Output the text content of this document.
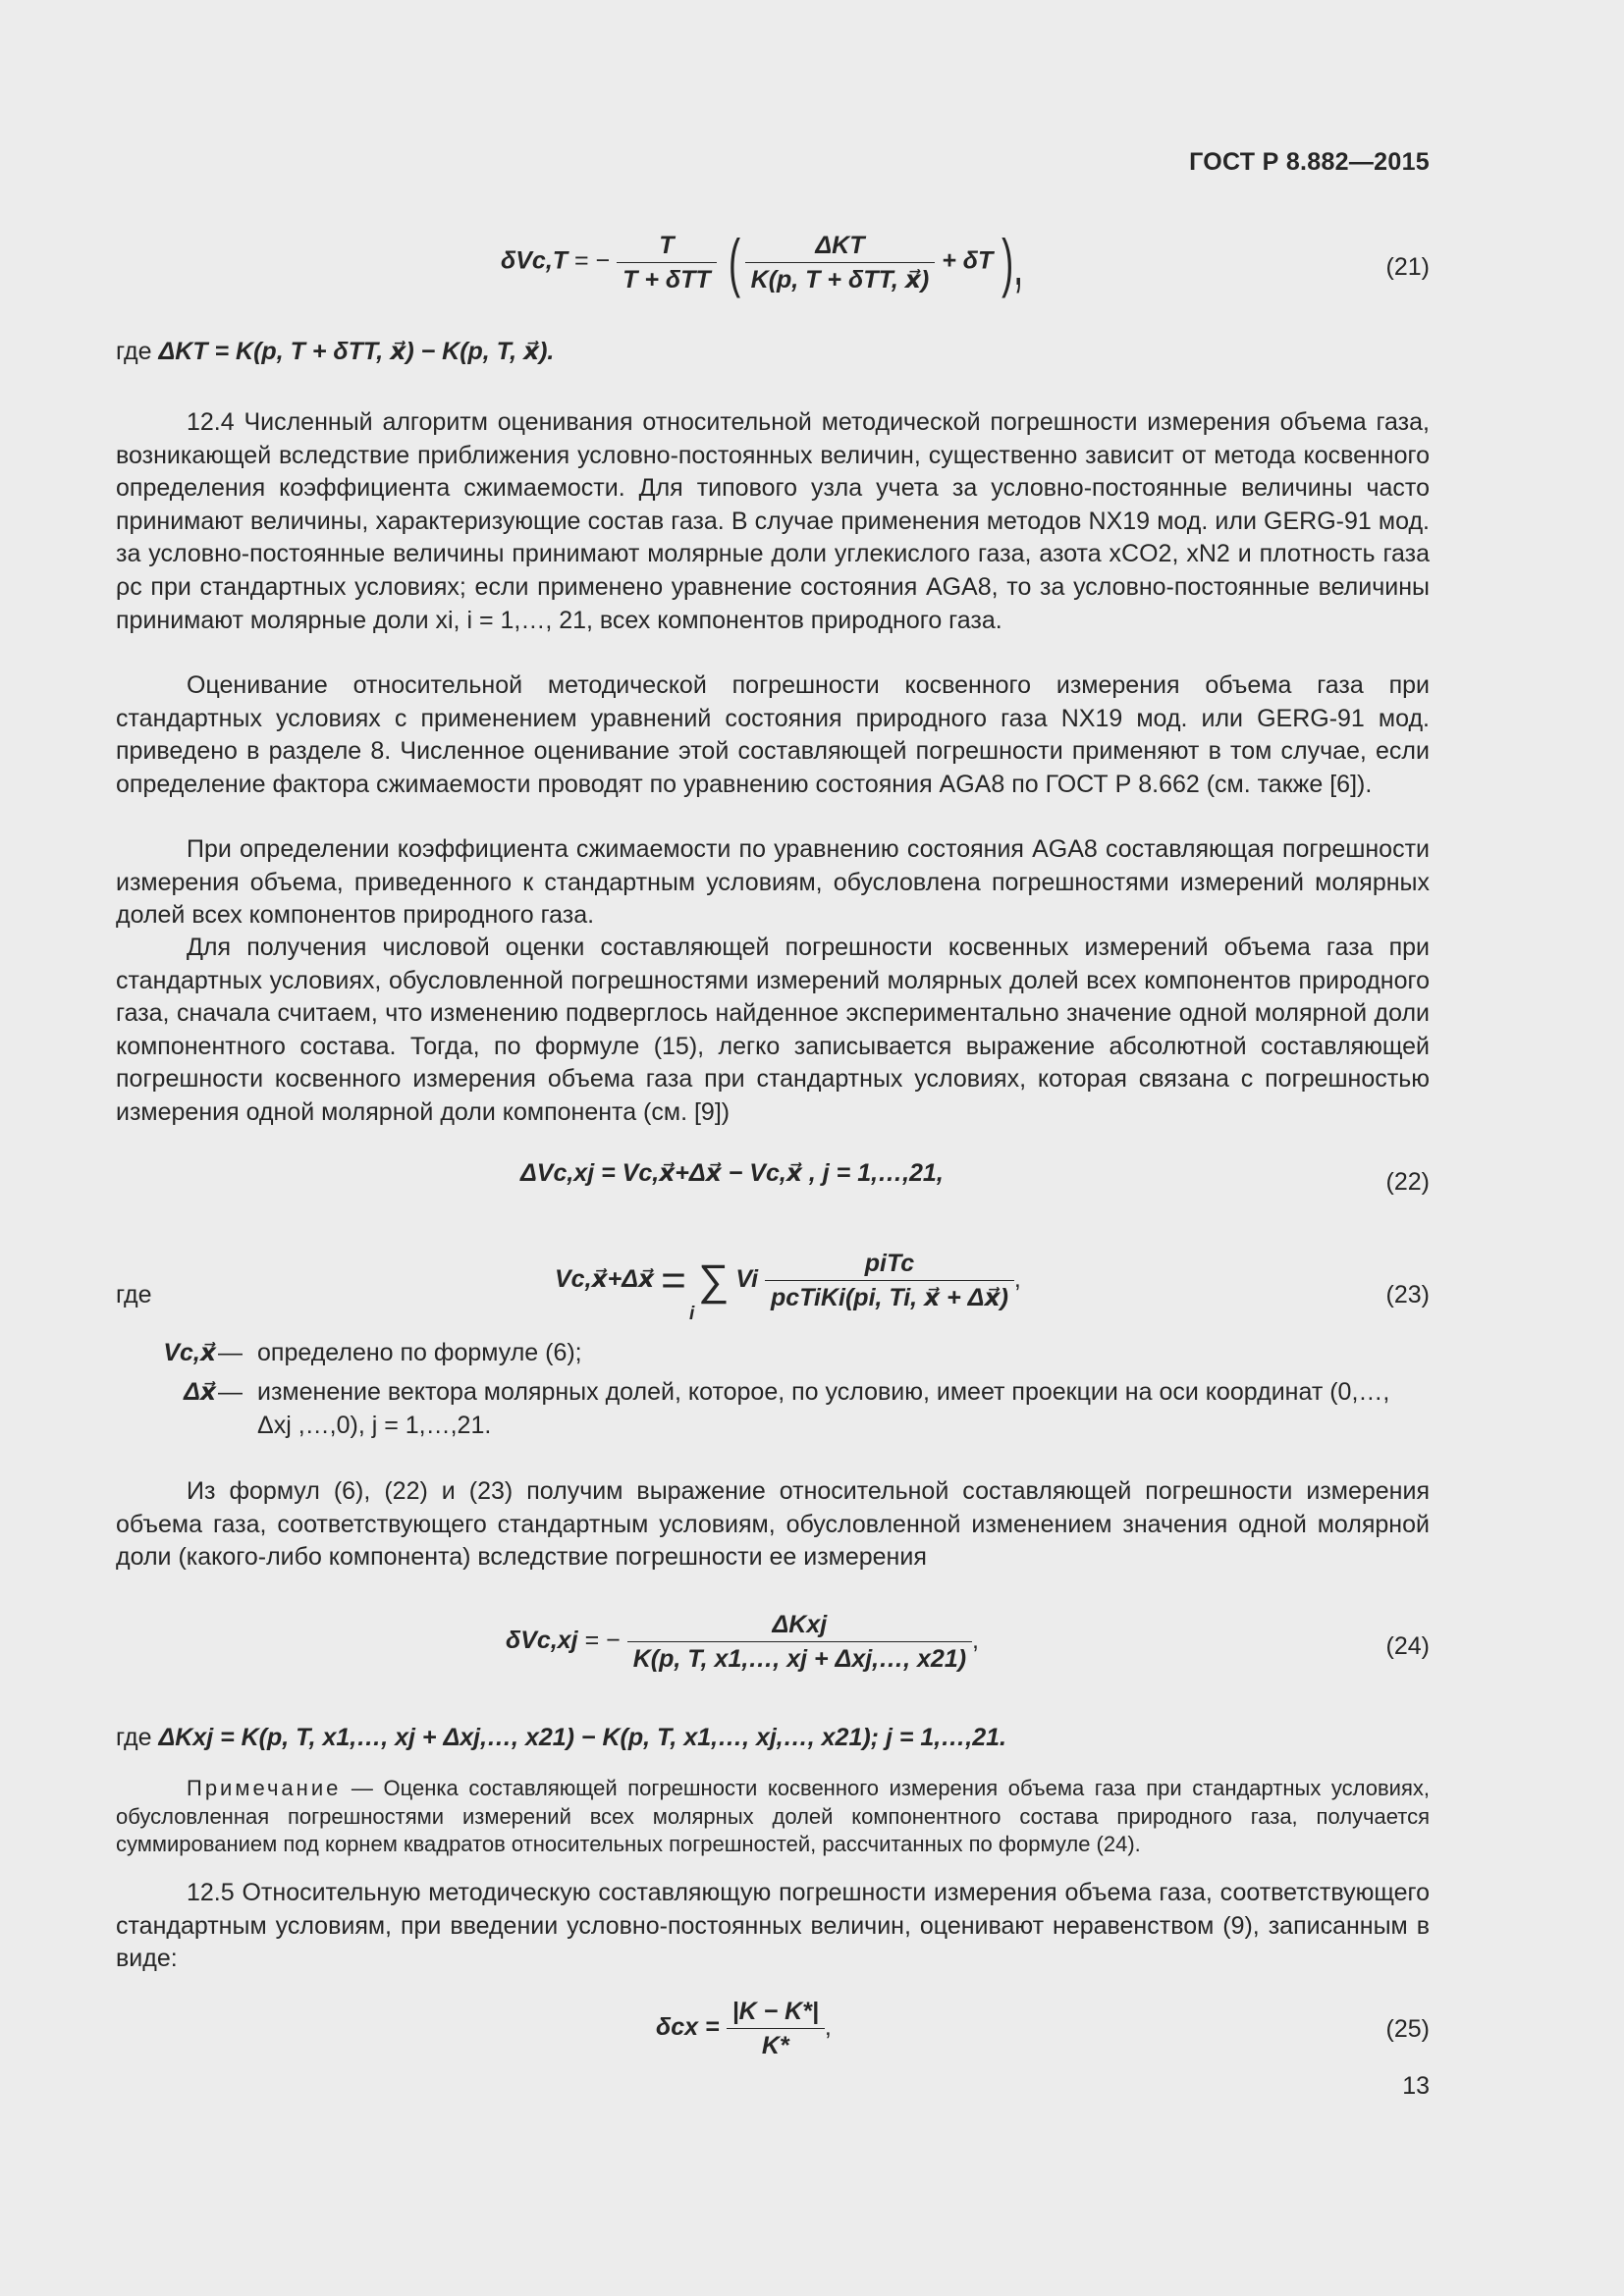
ГОСТ Р 8.882—2015
δVc,T = − $\frac{T}{\text{T + δTT}}$ ( $\frac{\text{ΔKT}}{\text{K(p, T + δTT, x⃗)}} + \delta T$ ),	(21)
где ΔKT = K(p, T + δTT, x⃗) − K(p, T, x⃗).
12.4 Численный алгоритм оценивания относительной методической погрешности измерения объема газа, возникающей вследствие приближения условно-постоянных величин, существенно зависит от метода косвенного определения коэффициента сжимаемости. Для типового узла учета за условно-постоянные величины часто принимают величины, характеризующие состав газа. В случае применения методов NX19 мод. или GERG-91 мод. за условно-постоянные величины принимают молярные доли углекислого газа, азота xCO2, xN2 и плотность газа ρc при стандартных условиях; если применено уравнение состояния AGA8, то за условно-постоянные величины принимают молярные доли xi, i = 1,…, 21, всех компонентов природного газа.
Оценивание относительной методической погрешности косвенного измерения объема газа при стандартных условиях с применением уравнений состояния природного газа NX19 мод. или GERG-91 мод. приведено в разделе 8. Численное оценивание этой составляющей погрешности применяют в том случае, если определение фактора сжимаемости проводят по уравнению состояния AGA8 по ГОСТ Р 8.662 (см. также [6]).
При определении коэффициента сжимаемости по уравнению состояния AGA8 составляющая погрешности измерения объема, приведенного к стандартным условиям, обусловлена погрешностями измерений молярных долей всех компонентов природного газа.
Для получения числовой оценки составляющей погрешности косвенных измерений объема газа при стандартных условиях, обусловленной погрешностями измерений молярных долей всех компонентов природного газа, сначала считаем, что изменению подверглось найденное экспериментально значение одной молярной доли компонентного состава. Тогда, по формуле (15), легко записывается выражение абсолютной составляющей погрешности косвенного измерения объема газа при стандартных условиях, которая связана с погрешностью измерения одной молярной доли компонента (см. [9])
ΔVc,xj = Vc,x⃗+Δx⃗ − Vc,x⃗ , j = 1,…,21,	(22)
где
Vc,x⃗+Δx⃗ = ∑ Vi $\frac{\text{piTc}}{\text{pcTiKi(pi, Ti, x⃗ + Δx⃗)}}$ ,
i
(23)
Vc,x⃗ — определено по формуле (6);
Δx⃗ — изменение вектора молярных долей, которое, по условию, имеет проекции на оси координат (0,…, Δxj ,…,0), j = 1,…,21.
Из формул (6), (22) и (23) получим выражение относительной составляющей погрешности измерения объема газа, соответствующего стандартным условиям, обусловленной изменением значения одной молярной доли (какого-либо компонента) вследствие погрешности ее измерения
δVc,xj = − $\frac{\text{ΔKxj}}{\text{K(p, T, x1,…, xj + Δxj,…, x21)}}$ ,	(24)
где ΔKxj = K(p, T, x1,…, xj + Δxj,…, x21) − K(p, T, x1,…, xj,…, x21); j = 1,…,21.
Примечание — Оценка составляющей погрешности косвенного измерения объема газа при стандартных условиях, обусловленная погрешностями измерений всех молярных долей компонентного состава природного газа, получается суммированием под корнем квадратов относительных погрешностей, рассчитанных по формуле (24).
12.5 Относительную методическую составляющую погрешности измерения объема газа, соответствующего стандартным условиям, при введении условно-постоянных величин, оценивают неравенством (9), записанным в виде:
$\delta cx = \frac{|K - K*|}{K*}$ ,	(25)
13
